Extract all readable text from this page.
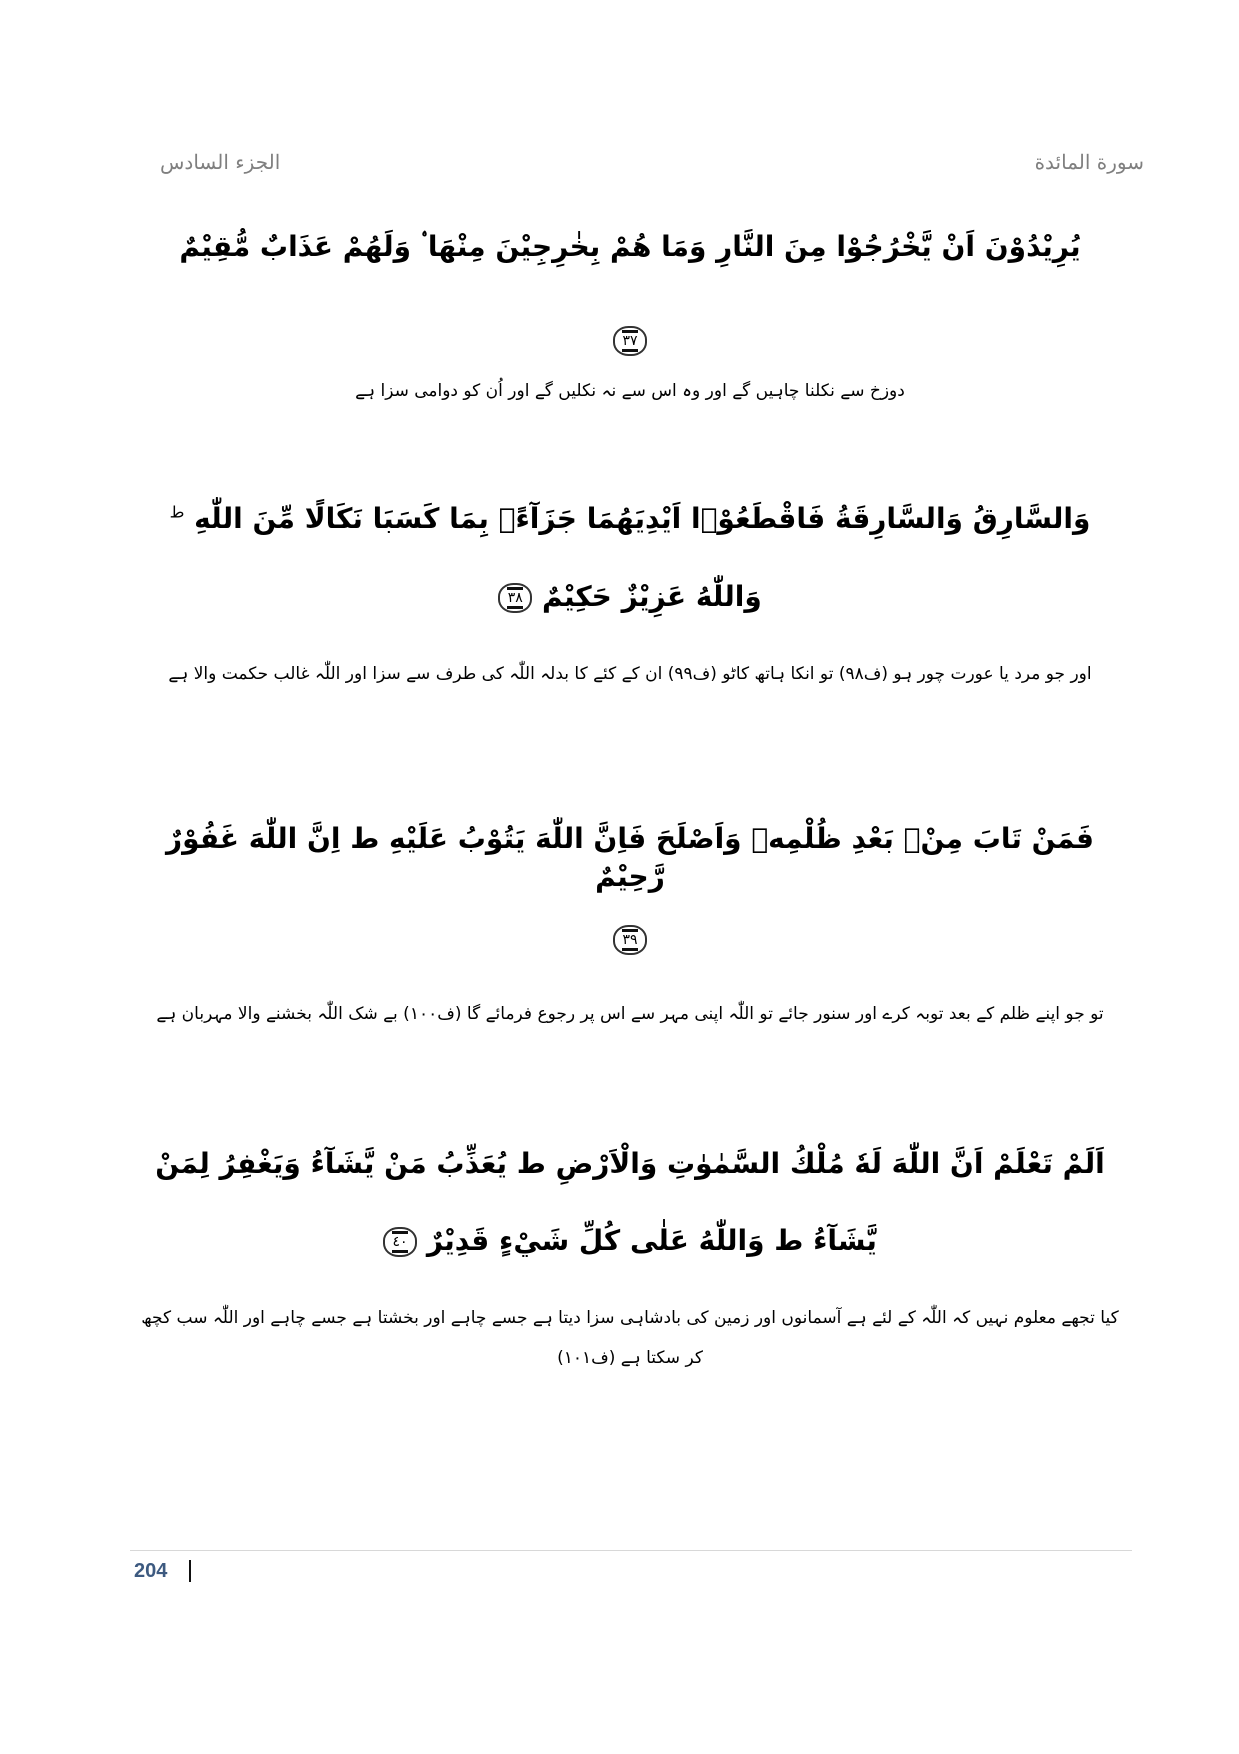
الجزء السادس	سورة المائدة
يُرِيْدُوْنَ اَنْ يَّخْرُجُوْا مِنَ النَّارِ وَمَا هُمْ بِخٰرِجِيْنَ مِنْهَا ۟ وَلَهُمْ عَذَابٌ مُّقِيْمٌ
٣٧
دوزخ سے نکلنا چاہیں گے اور وہ اس سے نہ نکلیں گے اور اُن کو دوامی سزا ہے
وَالسَّارِقُ وَالسَّارِقَةُ فَاقْطَعُوْۤا اَيْدِيَهُمَا جَزَآءًۢ بِمَا كَسَبَا نَكَالًا مِّنَ اللّٰهِ $^ط$
وَاللّٰهُ عَزِيْزٌ حَكِيْمٌ ٣٨
اور جو مرد یا عورت چور ہو (ف۹۸) تو انکا ہاتھ کاٹو (ف۹۹) ان کے کئے کا بدلہ اللّٰہ کی طرف سے سزا اور اللّٰہ غالب حکمت والا ہے
فَمَنْ تَابَ مِنْۢ بَعْدِ ظُلْمِهٖ وَاَصْلَحَ فَاِنَّ اللّٰهَ يَتُوْبُ عَلَيْهِ ط اِنَّ اللّٰهَ غَفُوْرٌ رَّحِيْمٌ
٣٩
تو جو اپنے ظلم کے بعد توبہ کرے اور سنور جائے تو اللّٰہ اپنی مہر سے اس پر رجوع فرمائے گا (ف۱۰۰) بے شک اللّٰہ بخشنے والا مہربان ہے
اَلَمْ تَعْلَمْ اَنَّ اللّٰهَ لَهٗ مُلْكُ السَّمٰوٰتِ وَالْاَرْضِ ط يُعَذِّبُ مَنْ يَّشَآءُ وَيَغْفِرُ لِمَنْ
يَّشَآءُ ط وَاللّٰهُ عَلٰى كُلِّ شَيْءٍ قَدِيْرٌ ٤٠
کیا تجھے معلوم نہیں کہ اللّٰہ کے لئے ہے آسمانوں اور زمین کی بادشاہی سزا دیتا ہے جسے چاہے اور بخشتا ہے جسے چاہے اور اللّٰہ سب کچھ کر سکتا ہے (ف۱۰۱)
204
